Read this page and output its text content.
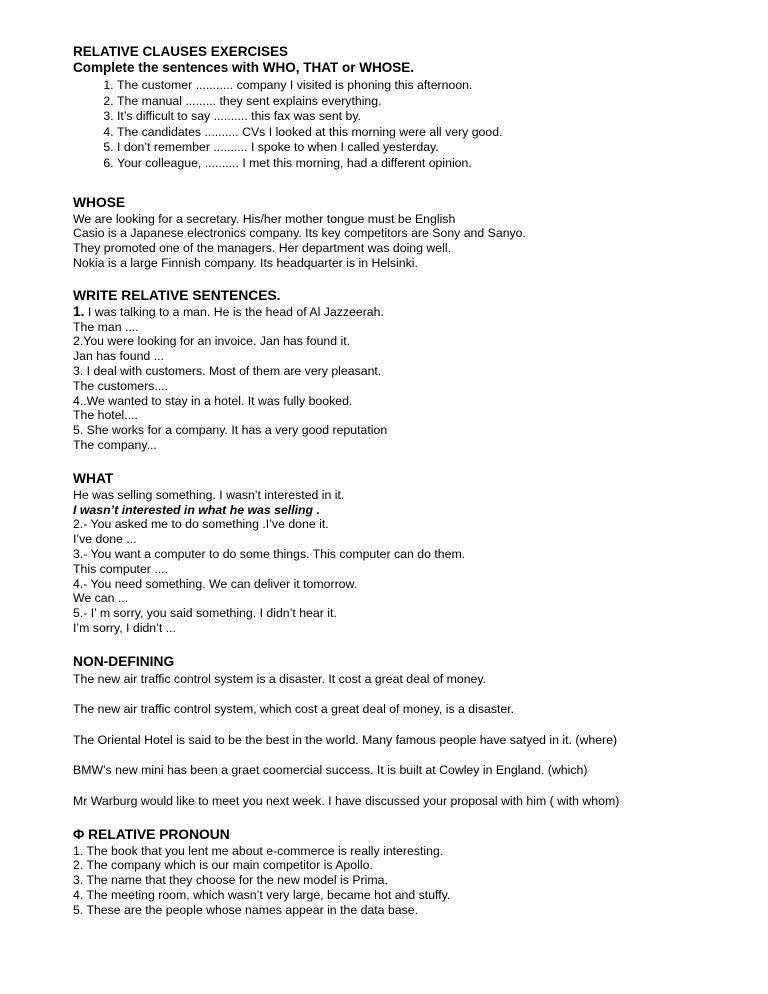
RELATIVE CLAUSES EXERCISES
Complete the sentences with WHO, THAT or WHOSE.
1. The customer ........... company I visited is phoning this afternoon.
2. The manual ......... they sent explains everything.
3. It’s difficult to say .......... this fax was sent by.
4. The candidates .......... CVs I looked at this morning were all very good.
5. I don’t remember .......... I spoke to when I called yesterday.
6. Your colleague, .......... I met this morning, had a different opinion.
WHOSE
We are looking for a secretary. His/her mother tongue must be English
Casio is a Japanese electronics company. Its key competitors are Sony and Sanyo.
They promoted one of the managers. Her department was doing well.
Nokia is a large Finnish company. Its headquarter is in Helsinki.
WRITE RELATIVE SENTENCES.
1. I was talking to a man. He is the head of Al Jazzeerah.
The man ....
2.You were looking for an invoice. Jan has found it.
Jan has found ...
3. I deal with customers. Most of them are very pleasant.
The customers....
4..We wanted to stay in a hotel. It was fully booked.
The hotel....
5. She works for a company. It has a very good reputation
The company...
WHAT
He was selling something. I wasn’t interested in it.
I wasn’t interested in what he was selling .
2.- You asked me to do something .I’ve done it.
I’ve done ...
3.- You want a computer to do some things. This computer can do them.
This computer ....
4.- You need something. We can deliver it tomorrow.
We can ...
5.- I’ m sorry, you said something. I didn’t hear it.
I’m sorry, I didn’t ...
NON-DEFINING
The new air traffic control system is a disaster. It cost a great deal of money.
The new air traffic control system, which cost a great deal of money, is a disaster.
The Oriental Hotel is said to be the best in the world. Many famous people have satyed in it. (where)
BMW’s new mini has been a graet coomercial success. It is built at Cowley in England. (which)
Mr Warburg would like to meet you next week. I have discussed your proposal with him ( with whom)
Φ RELATIVE PRONOUN
1. The book that you lent me about e-commerce is really interesting.
2. The company which is our main competitor is Apollo.
3. The name that they choose for the new model is Prima.
4. The meeting room, which wasn’t very large, became hot and stuffy.
5. These are the people whose names appear in the data base.
